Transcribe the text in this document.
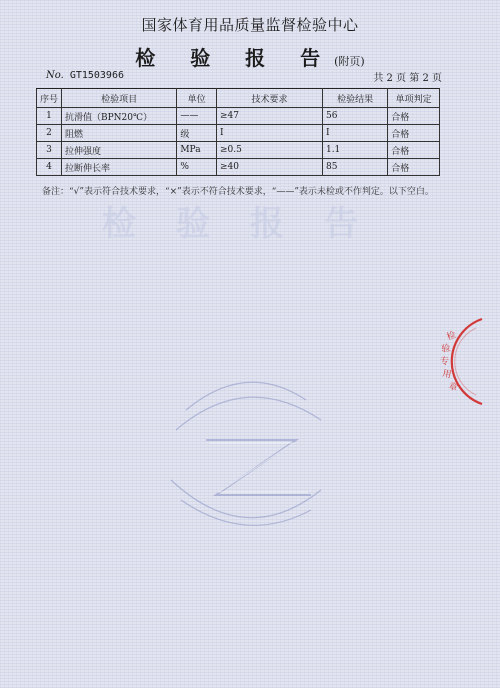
国家体育用品质量监督检验中心
检 验 报 告(附页)
No. GT1503966	共 2 页 第 2 页
序号	检验项目	单位	技术要求	检验结果	单项判定
1	抗滑值（BPN20℃）	——	≥47	56	合格
2	阻燃	级	I	I	合格
3	拉伸强度	MPa	≥0.5	1.1	合格
4	拉断伸长率	%	≥40	85	合格
备注：“√”表示符合技术要求，“×”表示不符合技术要求，“——”表示未检或不作判定。以下空白。
检验报告
检
验
专
用
章
